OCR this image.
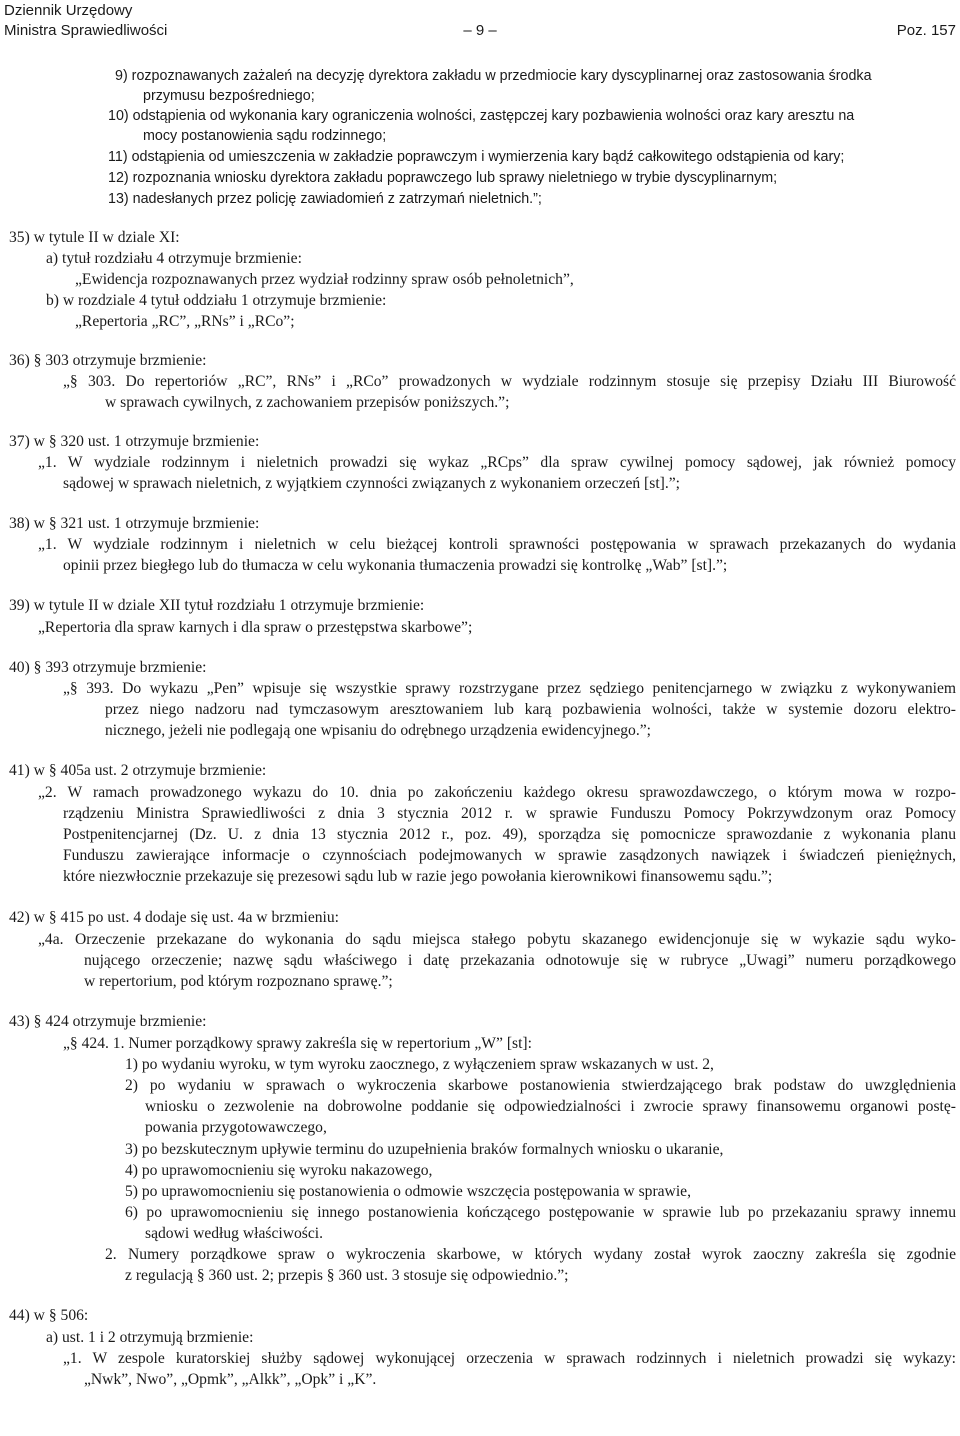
Dziennik Urzędowy
Ministra Sprawiedliwości	– 9 –	Poz. 157
9) rozpoznawanych zażaleń na decyzję dyrektora zakładu w przedmiocie kary dyscyplinarnej oraz zastosowania środka
przymusu bezpośredniego;
10) odstąpienia od wykonania kary ograniczenia wolności, zastępczej kary pozbawienia wolności oraz kary aresztu na
mocy postanowienia sądu rodzinnego;
11) odstąpienia od umieszczenia w zakładzie poprawczym i wymierzenia kary bądź całkowitego odstąpienia od kary;
12) rozpoznania wniosku dyrektora zakładu poprawczego lub sprawy nieletniego w trybie dyscyplinarnym;
13) nadesłanych przez policję zawiadomień z zatrzymań nieletnich.”;
35) w tytule II w dziale XI:
a) tytuł rozdziału 4 otrzymuje brzmienie:
„Ewidencja rozpoznawanych przez wydział rodzinny spraw osób pełnoletnich”,
b) w rozdziale 4 tytuł oddziału 1 otrzymuje brzmienie:
„Repertoria „RC”, „RNs” i „RCo”;
36) § 303 otrzymuje brzmienie:
„§ 303. Do repertoriów „RC”, RNs” i „RCo” prowadzonych w wydziale rodzinnym stosuje się przepisy Działu III Biurowość
w sprawach cywilnych, z zachowaniem przepisów poniższych.”;
37) w § 320 ust. 1 otrzymuje brzmienie:
„1. W wydziale rodzinnym i nieletnich prowadzi się wykaz „RCps” dla spraw cywilnej pomocy sądowej, jak również pomocy
sądowej w sprawach nieletnich, z wyjątkiem czynności związanych z wykonaniem orzeczeń [st].”;
38) w § 321 ust. 1 otrzymuje brzmienie:
„1. W wydziale rodzinnym i nieletnich w celu bieżącej kontroli sprawności postępowania w sprawach przekazanych do wydania
opinii przez biegłego lub do tłumacza w celu wykonania tłumaczenia prowadzi się kontrolkę „Wab” [st].”;
39) w tytule II w dziale XII tytuł rozdziału 1 otrzymuje brzmienie:
„Repertoria dla spraw karnych i dla spraw o przestępstwa skarbowe”;
40) § 393 otrzymuje brzmienie:
„§ 393. Do wykazu „Pen” wpisuje się wszystkie sprawy rozstrzygane przez sędziego penitencjarnego w związku z wykonywaniem
przez niego nadzoru nad tymczasowym aresztowaniem lub karą pozbawienia wolności, także w systemie dozoru elektro-
nicznego, jeżeli nie podlegają one wpisaniu do odrębnego urządzenia ewidencyjnego.”;
41) w § 405a ust. 2 otrzymuje brzmienie:
„2. W ramach prowadzonego wykazu do 10. dnia po zakończeniu każdego okresu sprawozdawczego, o którym mowa w rozpo-
rządzeniu Ministra Sprawiedliwości z dnia 3 stycznia 2012 r. w sprawie Funduszu Pomocy Pokrzywdzonym oraz Pomocy
Postpenitencjarnej (Dz. U. z dnia 13 stycznia 2012 r., poz. 49), sporządza się pomocnicze sprawozdanie z wykonania planu
Funduszu zawierające informacje o czynnościach podejmowanych w sprawie zasądzonych nawiązek i świadczeń pieniężnych,
które niezwłocznie przekazuje się prezesowi sądu lub w razie jego powołania kierownikowi finansowemu sądu.”;
42) w § 415 po ust. 4 dodaje się ust. 4a w brzmieniu:
„4a. Orzeczenie przekazane do wykonania do sądu miejsca stałego pobytu skazanego ewidencjonuje się w wykazie sądu wyko-
nującego orzeczenie; nazwę sądu właściwego i datę przekazania odnotowuje się w rubryce „Uwagi” numeru porządkowego
w repertorium, pod którym rozpoznano sprawę.”;
43) § 424 otrzymuje brzmienie:
„§ 424. 1. Numer porządkowy sprawy zakreśla się w repertorium „W” [st]:
1) po wydaniu wyroku, w tym wyroku zaocznego, z wyłączeniem spraw wskazanych w ust. 2,
2) po wydaniu w sprawach o wykroczenia skarbowe postanowienia stwierdzającego brak podstaw do uwzględnienia
wniosku o zezwolenie na dobrowolne poddanie się odpowiedzialności i zwrocie sprawy finansowemu organowi postę-
powania przygotowawczego,
3) po bezskutecznym upływie terminu do uzupełnienia braków formalnych wniosku o ukaranie,
4) po uprawomocnieniu się wyroku nakazowego,
5) po uprawomocnieniu się postanowienia o odmowie wszczęcia postępowania w sprawie,
6) po uprawomocnieniu się innego postanowienia kończącego postępowanie w sprawie lub po przekazaniu sprawy innemu
sądowi według właściwości.
2. Numery porządkowe spraw o wykroczenia skarbowe, w których wydany został wyrok zaoczny zakreśla się zgodnie
z regulacją § 360 ust. 2; przepis § 360 ust. 3 stosuje się odpowiednio.”;
44) w § 506:
a) ust. 1 i 2 otrzymują brzmienie:
„1. W zespole kuratorskiej służby sądowej wykonującej orzeczenia w sprawach rodzinnych i nieletnich prowadzi się wykazy:
„Nwk”, Nwo”, „Opmk”, „Alkk”, „Opk” i „K”.
